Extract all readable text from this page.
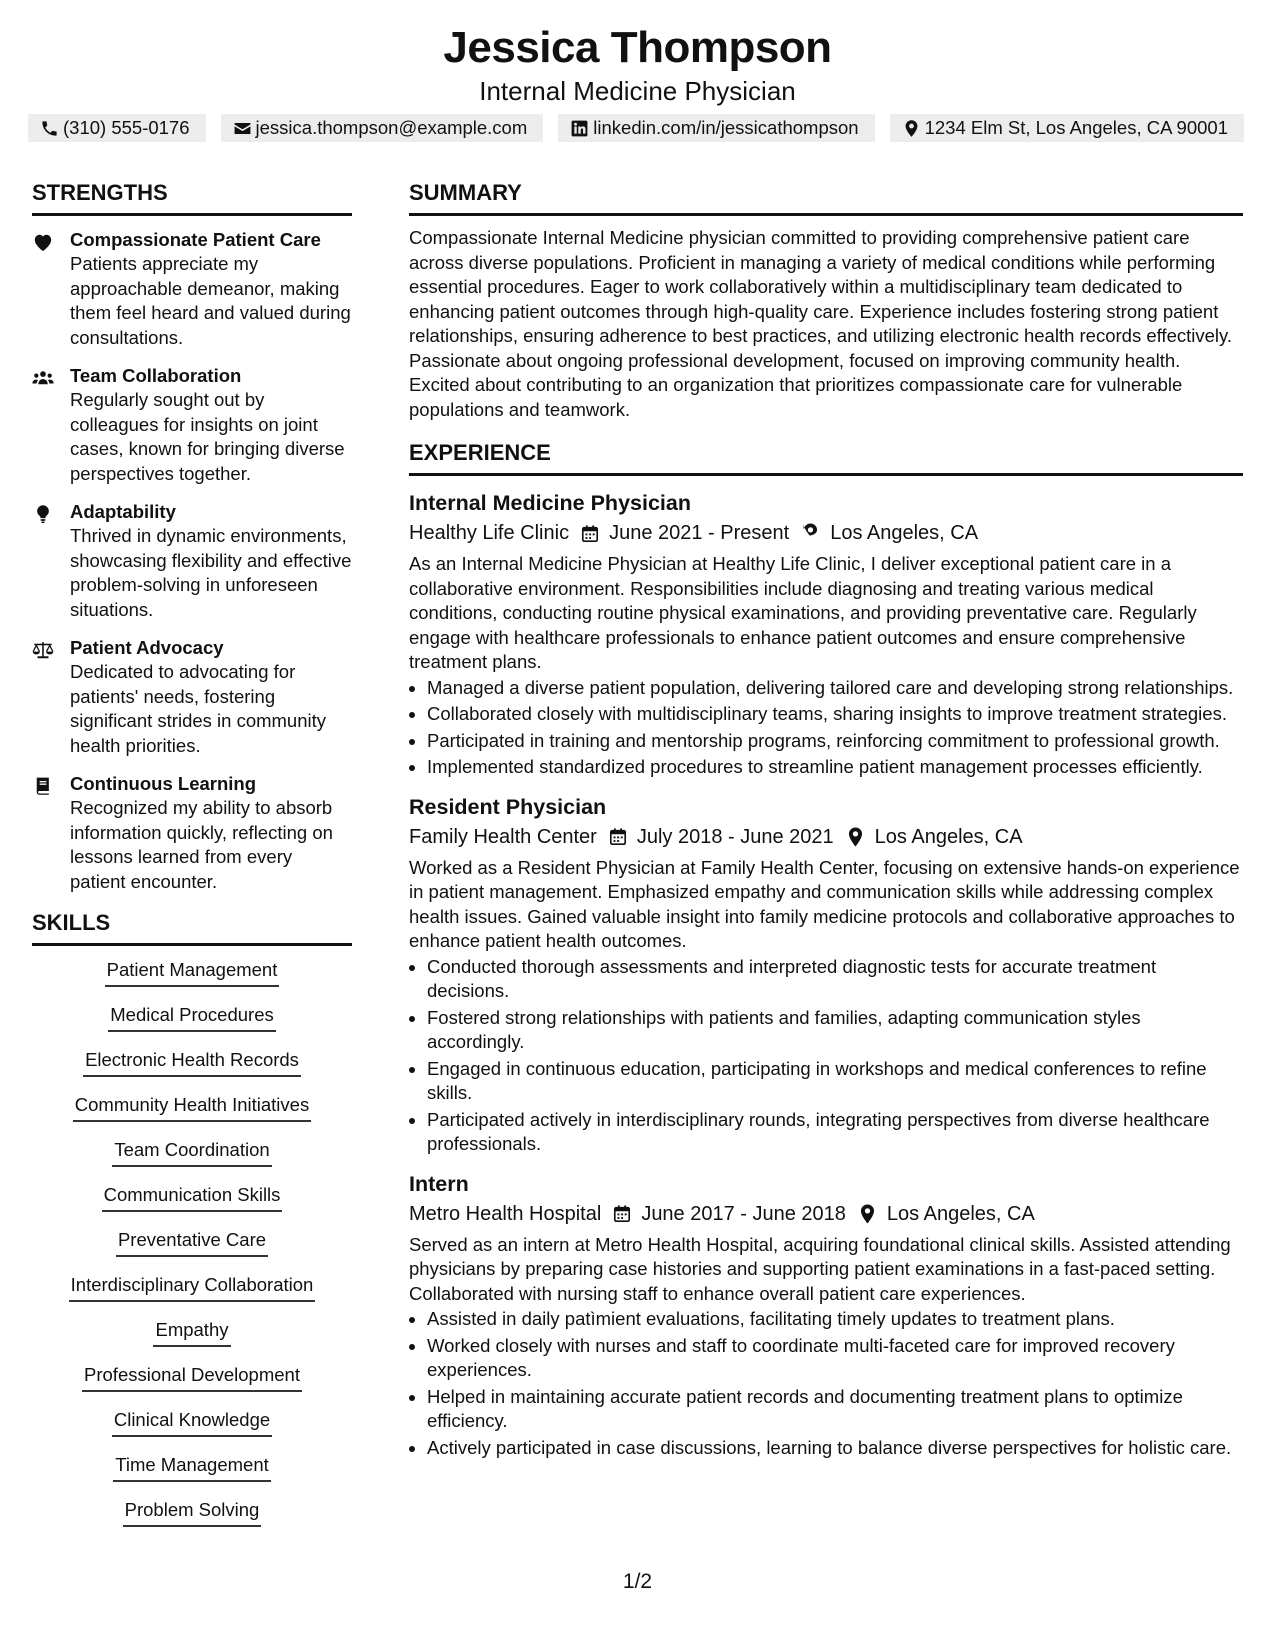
Jessica Thompson
Internal Medicine Physician
(310) 555-0176	jessica.thompson@example.com	linkedin.com/in/jessicathompson	1234 Elm St, Los Angeles, CA 90001
STRENGTHS
Compassionate Patient Care
Patients appreciate my approachable demeanor, making them feel heard and valued during consultations.
Team Collaboration
Regularly sought out by colleagues for insights on joint cases, known for bringing diverse perspectives together.
Adaptability
Thrived in dynamic environments, showcasing flexibility and effective problem-solving in unforeseen situations.
Patient Advocacy
Dedicated to advocating for patients' needs, fostering significant strides in community health priorities.
Continuous Learning
Recognized my ability to absorb information quickly, reflecting on lessons learned from every patient encounter.
SKILLS
Patient Management
Medical Procedures
Electronic Health Records
Community Health Initiatives
Team Coordination
Communication Skills
Preventative Care
Interdisciplinary Collaboration
Empathy
Professional Development
Clinical Knowledge
Time Management
Problem Solving
SUMMARY
Compassionate Internal Medicine physician committed to providing comprehensive patient care across diverse populations. Proficient in managing a variety of medical conditions while performing essential procedures. Eager to work collaboratively within a multidisciplinary team dedicated to enhancing patient outcomes through high-quality care. Experience includes fostering strong patient relationships, ensuring adherence to best practices, and utilizing electronic health records effectively. Passionate about ongoing professional development, focused on improving community health. Excited about contributing to an organization that prioritizes compassionate care for vulnerable populations and teamwork.
EXPERIENCE
Internal Medicine Physician
Healthy Life Clinic June 2021 - Present Los Angeles, CA
As an Internal Medicine Physician at Healthy Life Clinic, I deliver exceptional patient care in a collaborative environment. Responsibilities include diagnosing and treating various medical conditions, conducting routine physical examinations, and providing preventative care. Regularly engage with healthcare professionals to enhance patient outcomes and ensure comprehensive treatment plans.
• Managed a diverse patient population, delivering tailored care and developing strong relationships.
• Collaborated closely with multidisciplinary teams, sharing insights to improve treatment strategies.
• Participated in training and mentorship programs, reinforcing commitment to professional growth.
• Implemented standardized procedures to streamline patient management processes efficiently.
Resident Physician
Family Health Center July 2018 - June 2021 Los Angeles, CA
Worked as a Resident Physician at Family Health Center, focusing on extensive hands-on experience in patient management. Emphasized empathy and communication skills while addressing complex health issues. Gained valuable insight into family medicine protocols and collaborative approaches to enhance patient health outcomes.
• Conducted thorough assessments and interpreted diagnostic tests for accurate treatment decisions.
• Fostered strong relationships with patients and families, adapting communication styles accordingly.
• Engaged in continuous education, participating in workshops and medical conferences to refine skills.
• Participated actively in interdisciplinary rounds, integrating perspectives from diverse healthcare professionals.
Intern
Metro Health Hospital June 2017 - June 2018 Los Angeles, CA
Served as an intern at Metro Health Hospital, acquiring foundational clinical skills. Assisted attending physicians by preparing case histories and supporting patient examinations in a fast-paced setting. Collaborated with nursing staff to enhance overall patient care experiences.
• Assisted in daily patìmient evaluations, facilitating timely updates to treatment plans.
• Worked closely with nurses and staff to coordinate multi-faceted care for improved recovery experiences.
• Helped in maintaining accurate patient records and documenting treatment plans to optimize efficiency.
• Actively participated in case discussions, learning to balance diverse perspectives for holistic care.
1/2
